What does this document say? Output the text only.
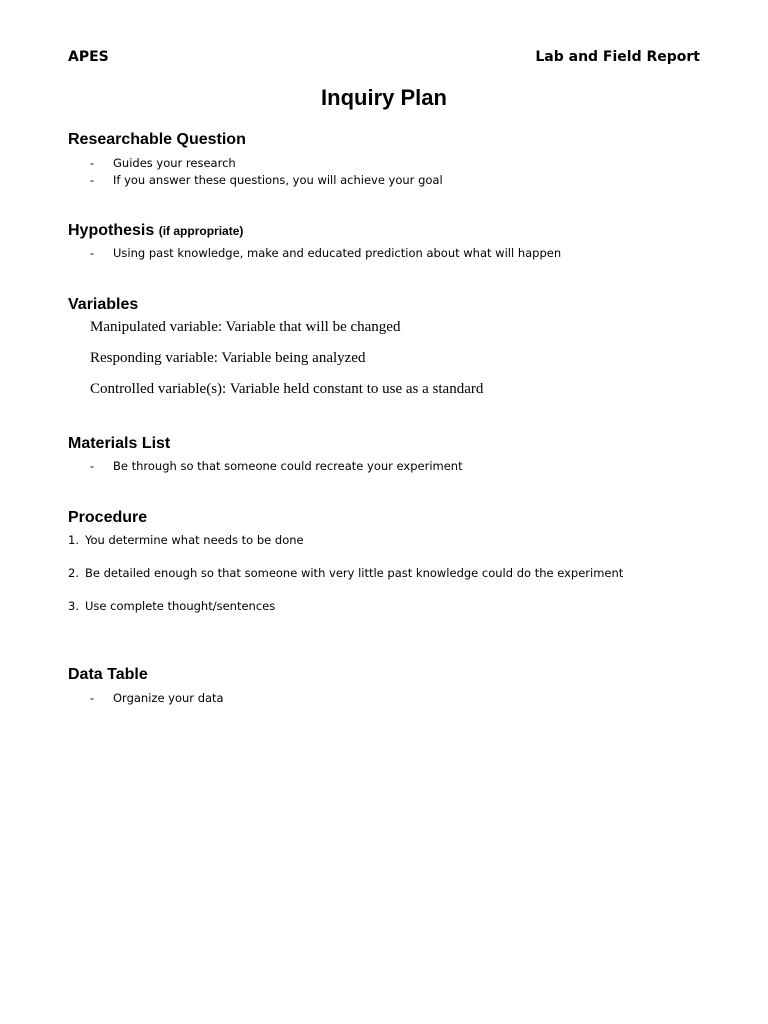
APES	Lab and Field Report
Inquiry Plan
Researchable Question
- Guides your research
- If you answer these questions, you will achieve your goal
Hypothesis (if appropriate)
- Using past knowledge, make and educated prediction about what will happen
Variables
Manipulated variable: Variable that will be changed
Responding variable: Variable being analyzed
Controlled variable(s): Variable held constant to use as a standard
Materials List
- Be through so that someone could recreate your experiment
Procedure
1. You determine what needs to be done
2. Be detailed enough so that someone with very little past knowledge could do the experiment
3. Use complete thought/sentences
Data Table
- Organize your data
